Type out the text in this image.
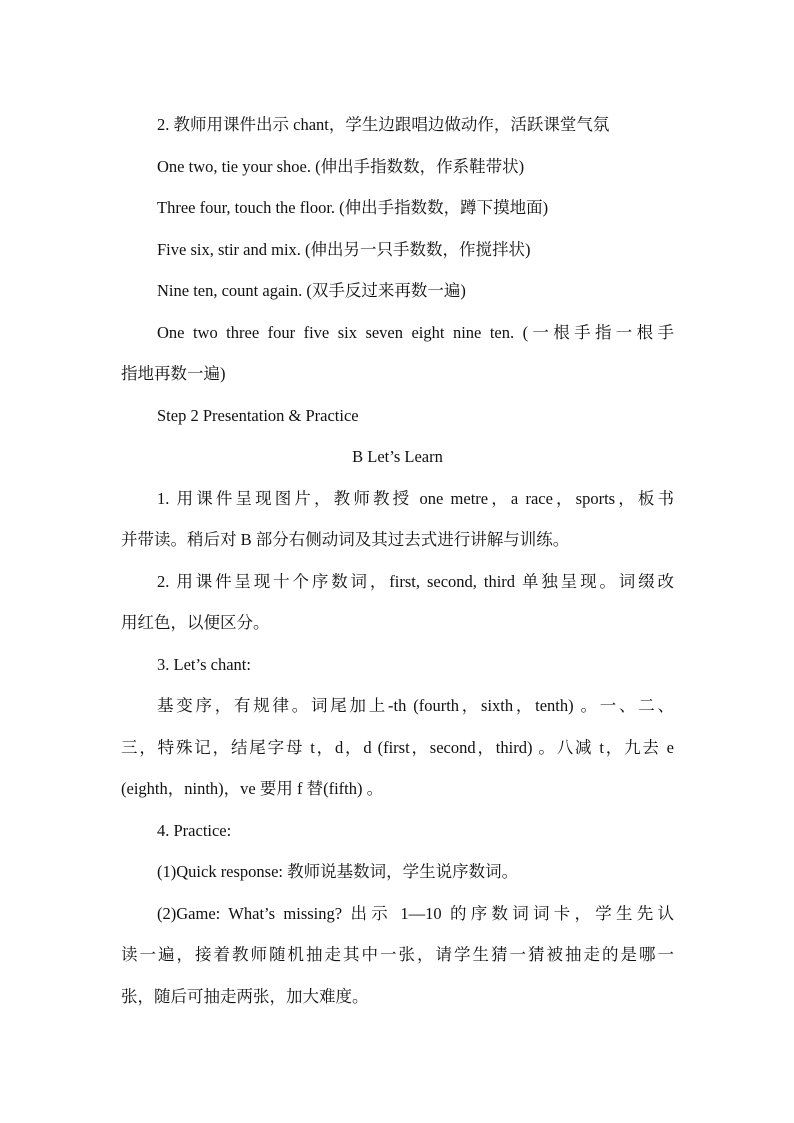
2. 教师用课件出示 chant，学生边跟唱边做动作，活跃课堂气氛
One two, tie your shoe. (伸出手指数数，作系鞋带状)
Three four, touch the floor. (伸出手指数数，蹲下摸地面)
Five six, stir and mix. (伸出另一只手数数，作搅拌状)
Nine ten, count again. (双手反过来再数一遍)
One two three four five six seven eight nine ten. (一根手指一根手
指地再数一遍)
Step 2 Presentation & Practice
B Let’s Learn
1. 用课件呈现图片，教师教授 one metre，a race，sports，板书
并带读。稍后对 B 部分右侧动词及其过去式进行讲解与训练。
2. 用课件呈现十个序数词，first, second, third 单独呈现。词缀改
用红色，以便区分。
3. Let’s chant:
基变序，有规律。词尾加上-th (fourth，sixth，tenth) 。一、二、
三，特殊记，结尾字母 t，d，d (first，second，third) 。八减 t，九去 e
(eighth，ninth)，ve 要用 f 替(fifth) 。
4. Practice:
(1)Quick response: 教师说基数词，学生说序数词。
(2)Game: What’s missing? 出示 1—10 的序数词词卡，学生先认
读一遍，接着教师随机抽走其中一张，请学生猜一猜被抽走的是哪一
张，随后可抽走两张，加大难度。
